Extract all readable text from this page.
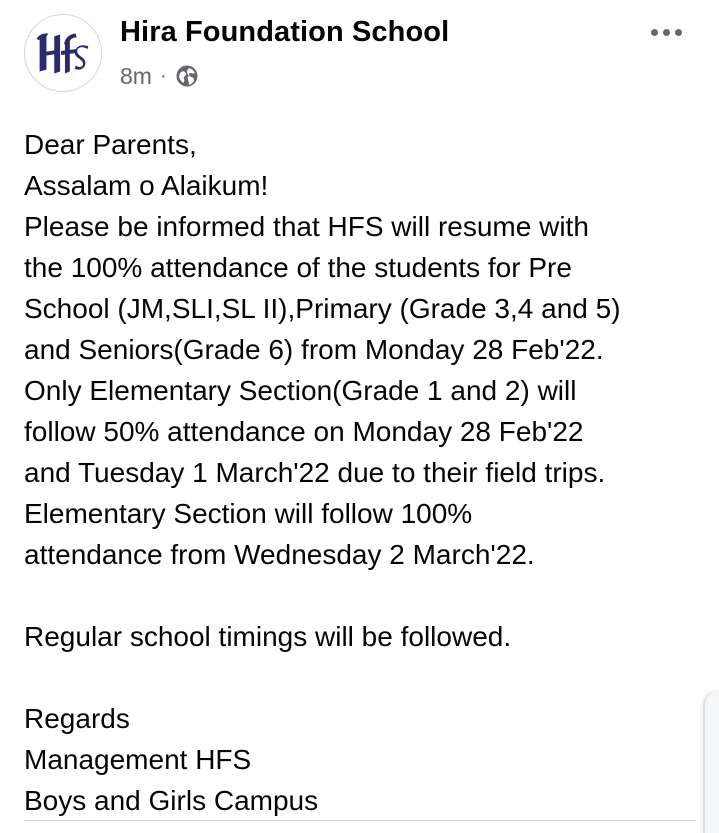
Hira Foundation School
8m ·
Dear Parents,
Assalam o Alaikum!
Please be informed that HFS will resume with
the 100% attendance of the students for Pre
School (JM,SLI,SL II),Primary (Grade 3,4 and 5)
and Seniors(Grade 6) from Monday 28 Feb'22.
Only Elementary Section(Grade 1 and 2) will
follow 50% attendance on Monday 28 Feb'22
and Tuesday 1 March'22 due to their field trips.
Elementary Section will follow 100%
attendance from Wednesday 2 March'22.
Regular school timings will be followed.
Regards
Management HFS
Boys and Girls Campus
